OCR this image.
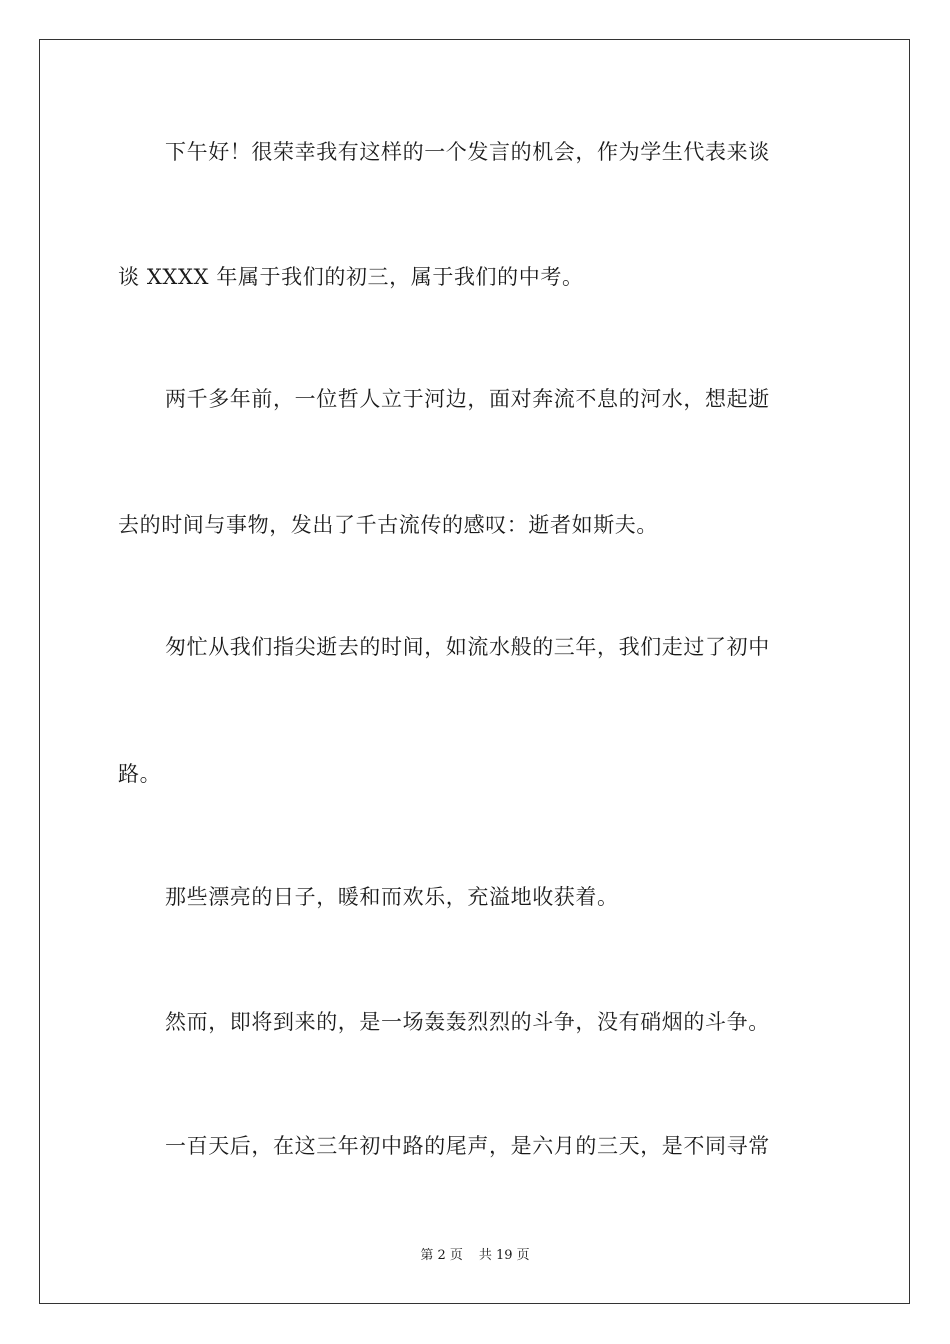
下午好！很荣幸我有这样的一个发言的机会，作为学生代表来谈
谈 XXXX 年属于我们的初三，属于我们的中考。
两千多年前，一位哲人立于河边，面对奔流不息的河水，想起逝
去的时间与事物，发出了千古流传的感叹：逝者如斯夫。
匆忙从我们指尖逝去的时间，如流水般的三年，我们走过了初中
路。
那些漂亮的日子，暖和而欢乐，充溢地收获着。
然而，即将到来的，是一场轰轰烈烈的斗争，没有硝烟的斗争。
一百天后，在这三年初中路的尾声，是六月的三天，是不同寻常
第 2 页 共 19 页
